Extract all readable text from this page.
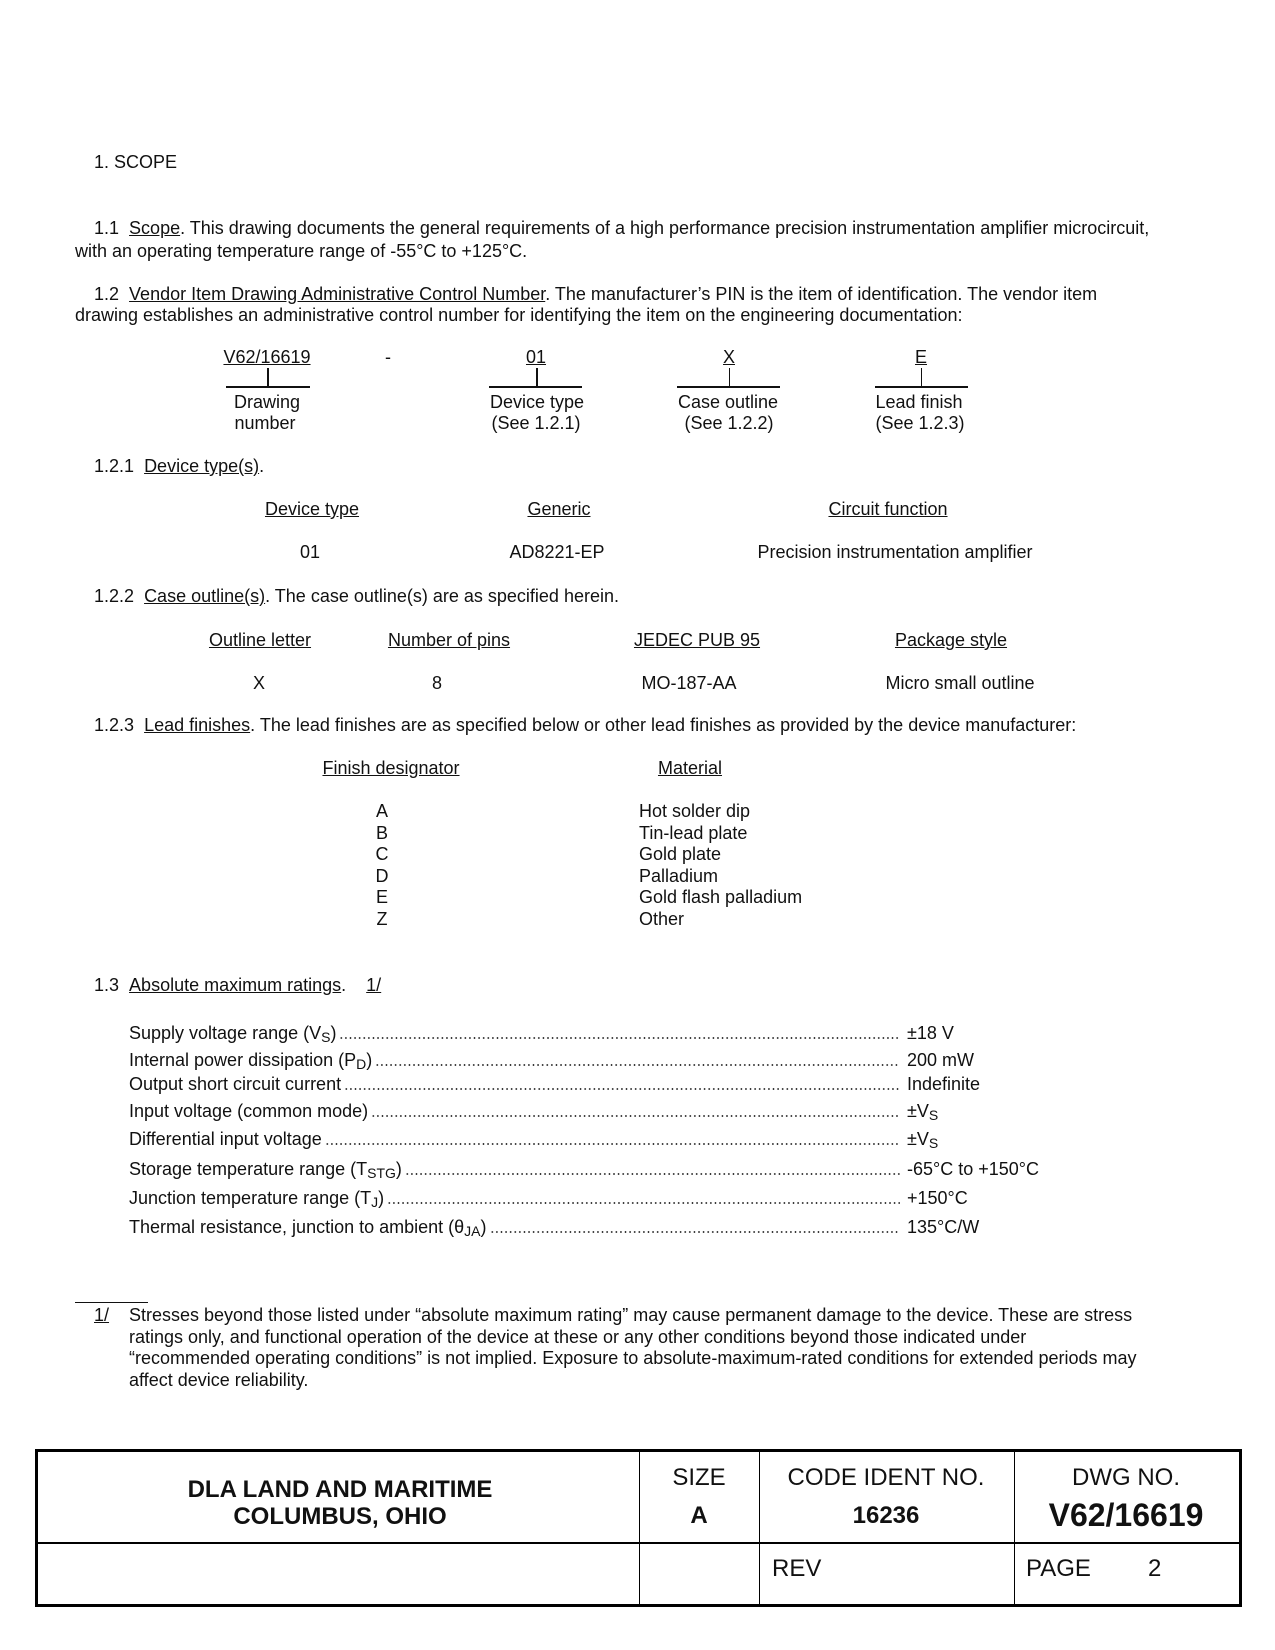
1. SCOPE
1.1 Scope. This drawing documents the general requirements of a high performance precision instrumentation amplifier microcircuit,
with an operating temperature range of -55°C to +125°C.
1.2 Vendor Item Drawing Administrative Control Number. The manufacturer’s PIN is the item of identification. The vendor item
drawing establishes an administrative control number for identifying the item on the engineering documentation:
V62/16619	-	01	X	E
Drawing
number
Device type
(See 1.2.1)
Case outline
(See 1.2.2)
Lead finish
(See 1.2.3)
1.2.1 Device type(s).
Device type	Generic	Circuit function
01	AD8221-EP	Precision instrumentation amplifier
1.2.2 Case outline(s). The case outline(s) are as specified herein.
Outline letter	Number of pins	JEDEC PUB 95	Package style
X	8	MO-187-AA	Micro small outline
1.2.3 Lead finishes. The lead finishes are as specified below or other lead finishes as provided by the device manufacturer:
Finish designator	Material
A	Hot solder dip
B	Tin-lead plate
C	Gold plate
D	Palladium
E	Gold flash palladium
Z	Other
1.3 Absolute maximum ratings. 1/
Supply voltage range $(V_S)$	±18 V
Internal power dissipation $(P_D)$	200 mW
Output short circuit current	Indefinite
Input voltage (common mode)	$\pm V_S$
Differential input voltage	$\pm V_S$
Storage temperature range $(T_{STG})$	-65°C to +150°C
Junction temperature range $(T_J)$	+150°C
Thermal resistance, junction to ambient $(\theta_{JA})$	135°C/W
1/ Stresses beyond those listed under “absolute maximum rating” may cause permanent damage to the device. These are stress
ratings only, and functional operation of the device at these or any other conditions beyond those indicated under
“recommended operating conditions” is not implied. Exposure to absolute-maximum-rated conditions for extended periods may
affect device reliability.
DLA LAND AND MARITIME
COLUMBUS, OHIO
SIZE
A
CODE IDENT NO.
16236
DWG NO.
V62/16619
REV	PAGE 2
